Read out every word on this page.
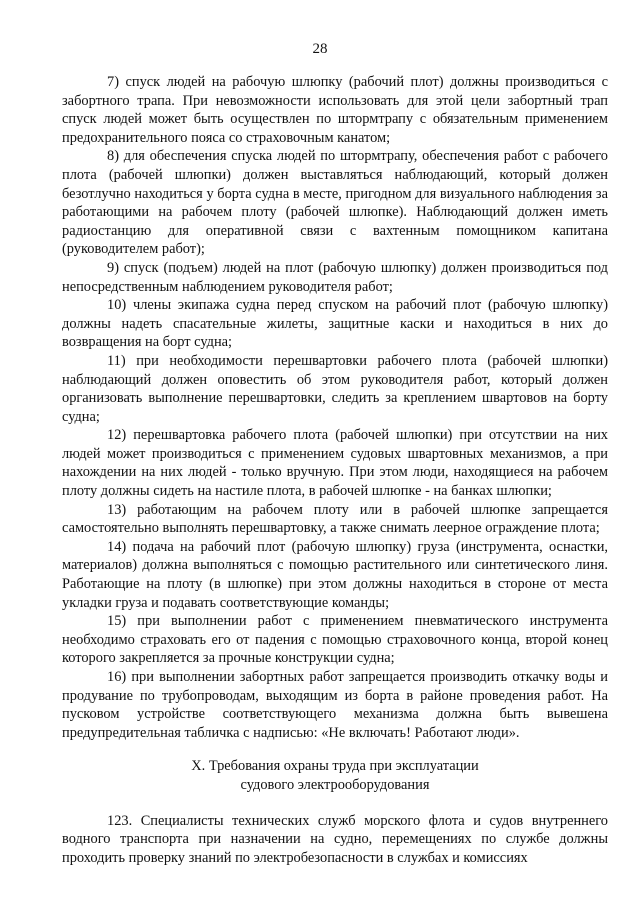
28

7) спуск людей на рабочую шлюпку (рабочий плот) должны производиться с забортного трапа. При невозможности использовать для этой цели забортный трап спуск людей может быть осуществлен по штормтрапу с обязательным применением предохранительного пояса со страховочным канатом;

8) для обеспечения спуска людей по штормтрапу, обеспечения работ с рабочего плота (рабочей шлюпки) должен выставляться наблюдающий, который должен безотлучно находиться у борта судна в месте, пригодном для визуального наблюдения за работающими на рабочем плоту (рабочей шлюпке). Наблюдающий должен иметь радиостанцию для оперативной связи с вахтенным помощником капитана (руководителем работ);

9) спуск (подъем) людей на плот (рабочую шлюпку) должен производиться под непосредственным наблюдением руководителя работ;

10) члены экипажа судна перед спуском на рабочий плот (рабочую шлюпку) должны надеть спасательные жилеты, защитные каски и находиться в них до возвращения на борт судна;

11) при необходимости перешвартовки рабочего плота (рабочей шлюпки) наблюдающий должен оповестить об этом руководителя работ, который должен организовать выполнение перешвартовки, следить за креплением швартовов на борту судна;

12) перешвартовка рабочего плота (рабочей шлюпки) при отсутствии на них людей может производиться с применением судовых швартовных механизмов, а при нахождении на них людей - только вручную. При этом люди, находящиеся на рабочем плоту должны сидеть на настиле плота, в рабочей шлюпке - на банках шлюпки;

13) работающим на рабочем плоту или в рабочей шлюпке запрещается самостоятельно выполнять перешвартовку, а также снимать леерное ограждение плота;

14) подача на рабочий плот (рабочую шлюпку) груза (инструмента, оснастки, материалов) должна выполняться с помощью растительного или синтетического линя. Работающие на плоту (в шлюпке) при этом должны находиться в стороне от места укладки груза и подавать соответствующие команды;

15) при выполнении работ с применением пневматического инструмента необходимо страховать его от падения с помощью страховочного конца, второй конец которого закрепляется за прочные конструкции судна;

16) при выполнении забортных работ запрещается производить откачку воды и продувание по трубопроводам, выходящим из борта в районе проведения работ. На пусковом устройстве соответствующего механизма должна быть вывешена предупредительная табличка с надписью: «Не включать! Работают люди».

X. Требования охраны труда при эксплуатации
судового электрооборудования

123. Специалисты технических служб морского флота и судов внутреннего водного транспорта при назначении на судно, перемещениях по службе должны проходить проверку знаний по электробезопасности в службах и комиссиях
